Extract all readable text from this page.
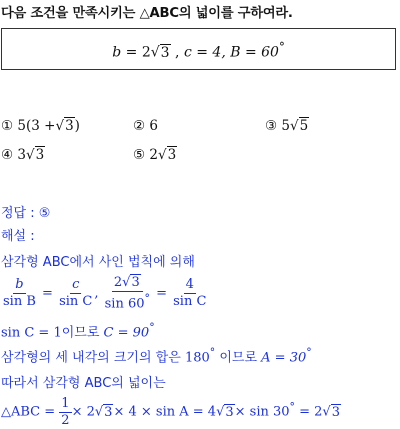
다음 조건을 만족시키는 △ABC의 넓이를 구하여라.
b = 2√3 , c = 4, B = 60°
① 5(3 +√3)	② 6	③ 5√5
④ 3√3	⑤ 2√3
정답 : ⑤
해설 :
삼각형 ABC에서 사인 법칙에 의해
$\frac{b}{\text{sin B}} = \frac{c}{\text{sin C}}$ , $\frac{2√3}{\sin 60^\circ} = \frac{4}{\text{sin C}}$
sin C = 1이므로 C = 90°
삼각형의 세 내각의 크기의 합은 180° 이므로 A = 30°
따라서 삼각형 ABC의 넓이는
△ABC = $\frac{1}{2} \times 2√3\times 4 \times \sin A = 4√3\times \sin 30^\circ = 2√3$
